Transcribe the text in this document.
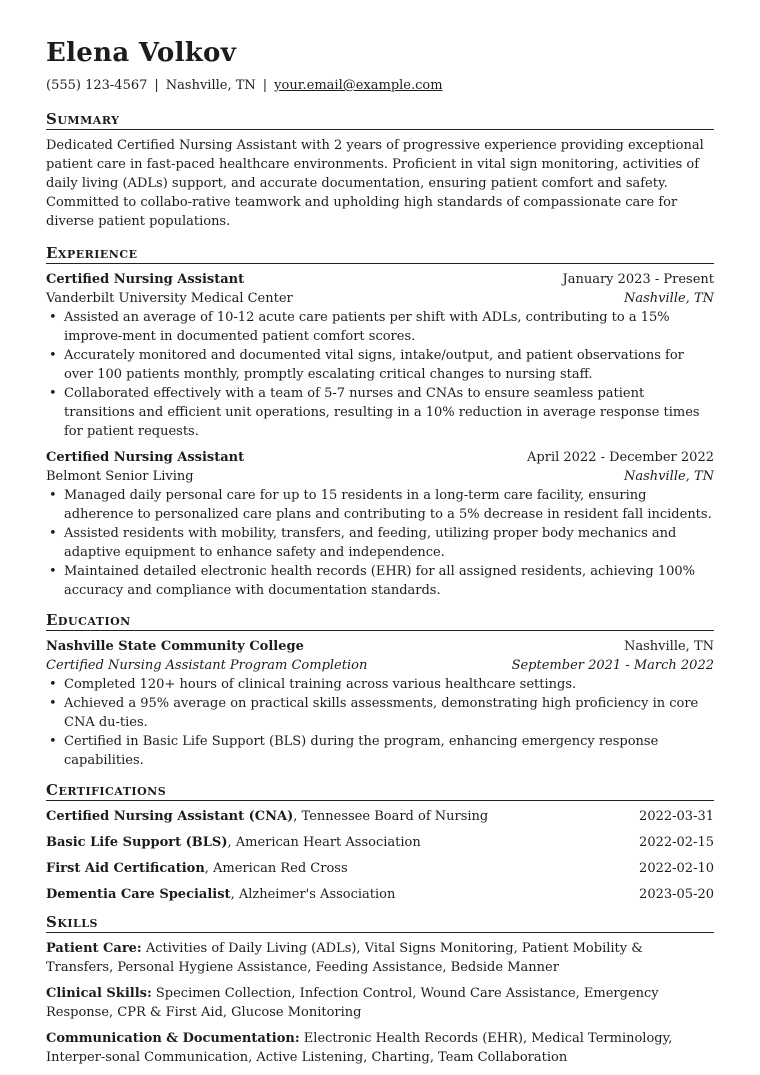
Elena Volkov
(555) 123-4567 | Nashville, TN | your.email@example.com
Summary
Dedicated Certified Nursing Assistant with 2 years of progressive experience providing exceptional patient care in fast-paced healthcare environments. Proficient in vital sign monitoring, activities of daily living (ADLs) support, and accurate documentation, ensuring patient comfort and safety. Committed to collabo-rative teamwork and upholding high standards of compassionate care for diverse patient populations.
Experience
Certified Nursing Assistant	January 2023 - Present
Vanderbilt University Medical Center	Nashville, TN
• Assisted an average of 10-12 acute care patients per shift with ADLs, contributing to a 15% improve-ment in documented patient comfort scores.
• Accurately monitored and documented vital signs, intake/output, and patient observations for over 100 patients monthly, promptly escalating critical changes to nursing staff.
• Collaborated effectively with a team of 5-7 nurses and CNAs to ensure seamless patient transitions and efficient unit operations, resulting in a 10% reduction in average response times for patient requests.
Certified Nursing Assistant	April 2022 - December 2022
Belmont Senior Living	Nashville, TN
• Managed daily personal care for up to 15 residents in a long-term care facility, ensuring adherence to personalized care plans and contributing to a 5% decrease in resident fall incidents.
• Assisted residents with mobility, transfers, and feeding, utilizing proper body mechanics and adaptive equipment to enhance safety and independence.
• Maintained detailed electronic health records (EHR) for all assigned residents, achieving 100% accuracy and compliance with documentation standards.
Education
Nashville State Community College	Nashville, TN
Certified Nursing Assistant Program Completion	September 2021 - March 2022
• Completed 120+ hours of clinical training across various healthcare settings.
• Achieved a 95% average on practical skills assessments, demonstrating high proficiency in core CNA du-ties.
• Certified in Basic Life Support (BLS) during the program, enhancing emergency response capabilities.
Certifications
Certified Nursing Assistant (CNA), Tennessee Board of Nursing	2022-03-31
Basic Life Support (BLS), American Heart Association	2022-02-15
First Aid Certification, American Red Cross	2022-02-10
Dementia Care Specialist, Alzheimer's Association	2023-05-20
Skills
Patient Care: Activities of Daily Living (ADLs), Vital Signs Monitoring, Patient Mobility & Transfers, Personal Hygiene Assistance, Feeding Assistance, Bedside Manner
Clinical Skills: Specimen Collection, Infection Control, Wound Care Assistance, Emergency Response, CPR & First Aid, Glucose Monitoring
Communication & Documentation: Electronic Health Records (EHR), Medical Terminology, Interper-sonal Communication, Active Listening, Charting, Team Collaboration
